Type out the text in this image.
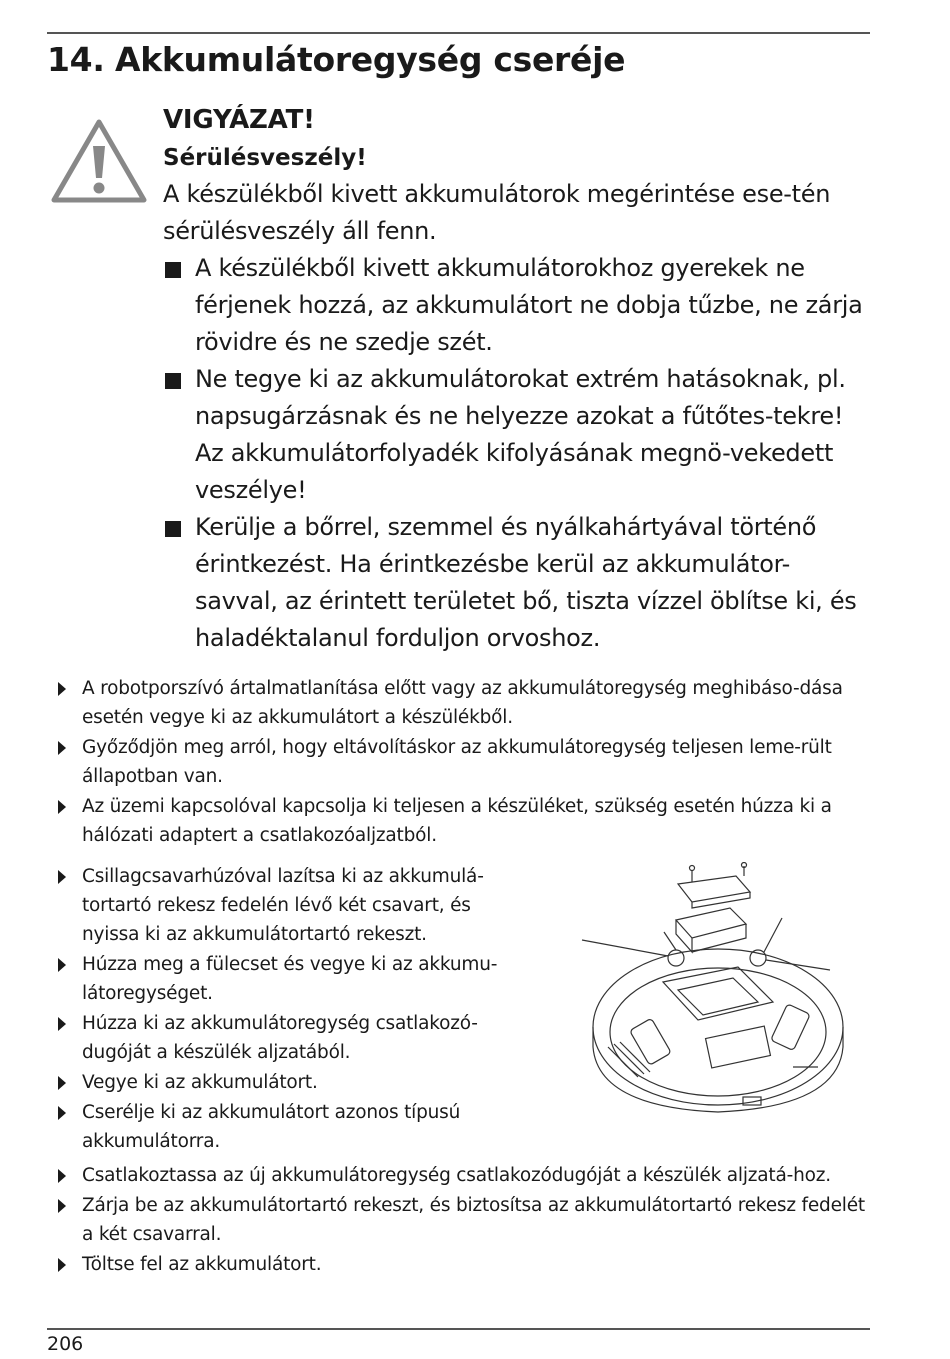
14. Akkumulátoregység cseréje

VIGYÁZAT!

Sérülésveszély!

A készülékből kivett akkumulátorok megérintése ese-tén sérülésveszély áll fenn.

A készülékből kivett akkumulátorokhoz gyerekek ne férjenek hozzá, az akkumulátort ne dobja tűzbe, ne zárja rövidre és ne szedje szét.
Ne tegye ki az akkumulátorokat extrém hatásoknak, pl. napsugárzásnak és ne helyezze azokat a fűtőtes-tekre! Az akkumulátorfolyadék kifolyásának megnö-vekedett veszélye!
Kerülje a bőrrel, szemmel és nyálkahártyával történő érintkezést. Ha érintkezésbe kerül az akkumulátor-savval, az érintett területet bő, tiszta vízzel öblítse ki, és haladéktalanul forduljon orvoshoz.
A robotporszívó ártalmatlanítása előtt vagy az akkumulátoregység meghibáso-dása esetén vegye ki az akkumulátort a készülékből.
Győződjön meg arról, hogy eltávolításkor az akkumulátoregység teljesen leme-rült állapotban van.
Az üzemi kapcsolóval kapcsolja ki teljesen a készüléket, szükség esetén húzza ki a hálózati adaptert a csatlakozóaljzatból.
Csillagcsavarhúzóval lazítsa ki az akkumulá-tortartó rekesz fedelén lévő két csavart, és nyissa ki az akkumulátortartó rekeszt.
Húzza meg a fülecset és vegye ki az akkumu-látoregységet.
Húzza ki az akkumulátoregység csatlakozó-dugóját a készülék aljzatából.
Vegye ki az akkumulátort.
Cserélje ki az akkumulátort azonos típusú akkumulátorra.
Csatlakoztassa az új akkumulátoregység csatlakozódugóját a készülék aljzatá-hoz.
Zárja be az akkumulátortartó rekeszt, és biztosítsa az akkumulátortartó rekesz fedelét a két csavarral.
Töltse fel az akkumulátort.
206
